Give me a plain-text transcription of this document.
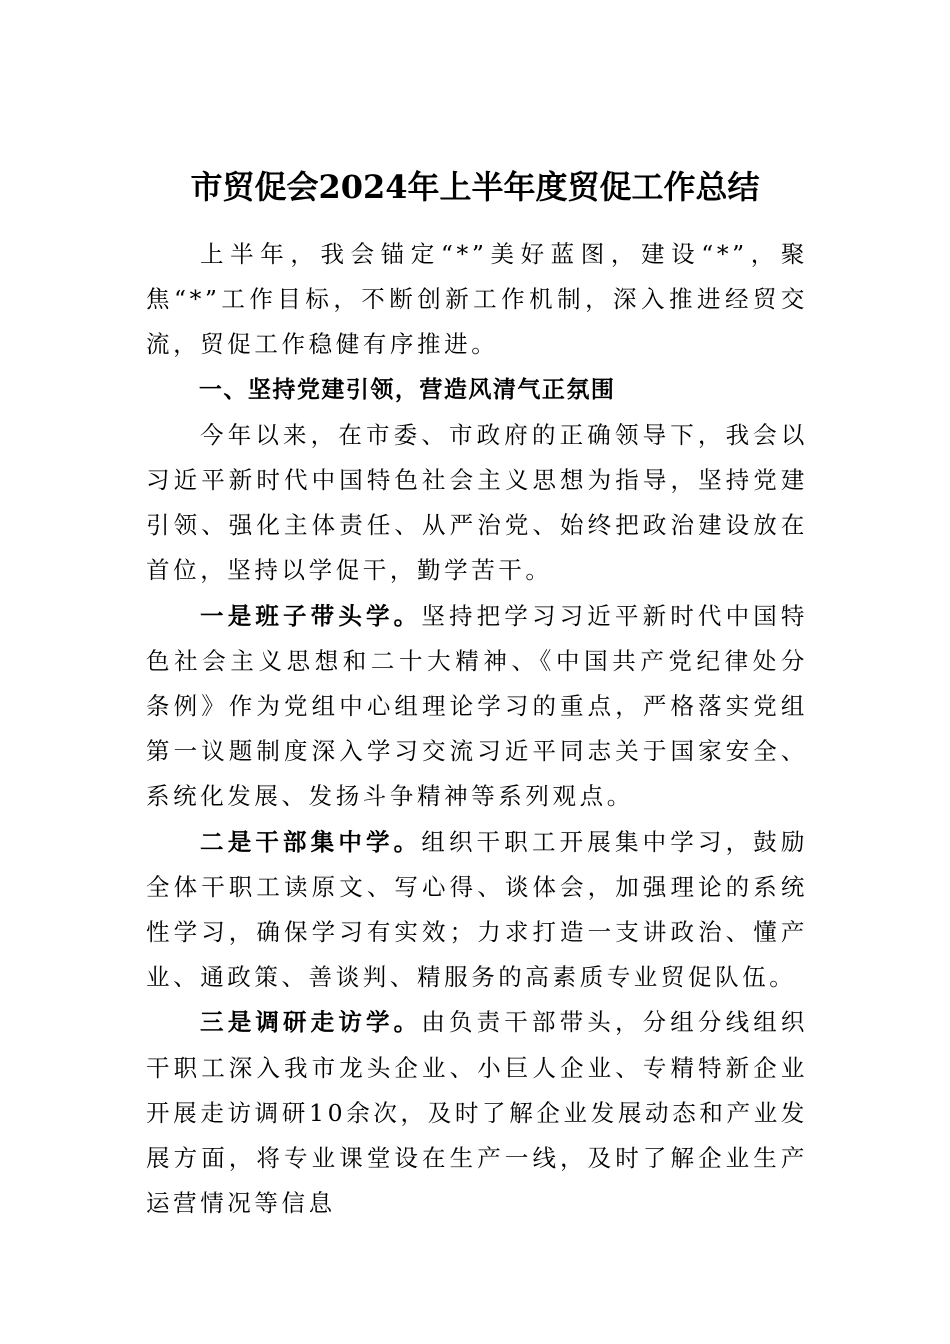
市贸促会2024年上半年度贸促工作总结

上半年，我会锚定“*”美好蓝图，建设“*”，聚焦“*”工作目标，不断创新工作机制，深入推进经贸交流，贸促工作稳健有序推进。

一、坚持党建引领，营造风清气正氛围

今年以来，在市委、市政府的正确领导下，我会以习近平新时代中国特色社会主义思想为指导，坚持党建引领、强化主体责任、从严治党、始终把政治建设放在首位，坚持以学促干，勤学苦干。

一是班子带头学。坚持把学习习近平新时代中国特色社会主义思想和二十大精神、《中国共产党纪律处分条例》作为党组中心组理论学习的重点，严格落实党组第一议题制度深入学习交流习近平同志关于国家安全、系统化发展、发扬斗争精神等系列观点。

二是干部集中学。组织干职工开展集中学习，鼓励全体干职工读原文、写心得、谈体会，加强理论的系统性学习，确保学习有实效；力求打造一支讲政治、懂产业、通政策、善谈判、精服务的高素质专业贸促队伍。

三是调研走访学。由负责干部带头，分组分线组织干职工深入我市龙头企业、小巨人企业、专精特新企业开展走访调研10余次，及时了解企业发展动态和产业发展方面，将专业课堂设在生产一线，及时了解企业生产运营情况等信息
